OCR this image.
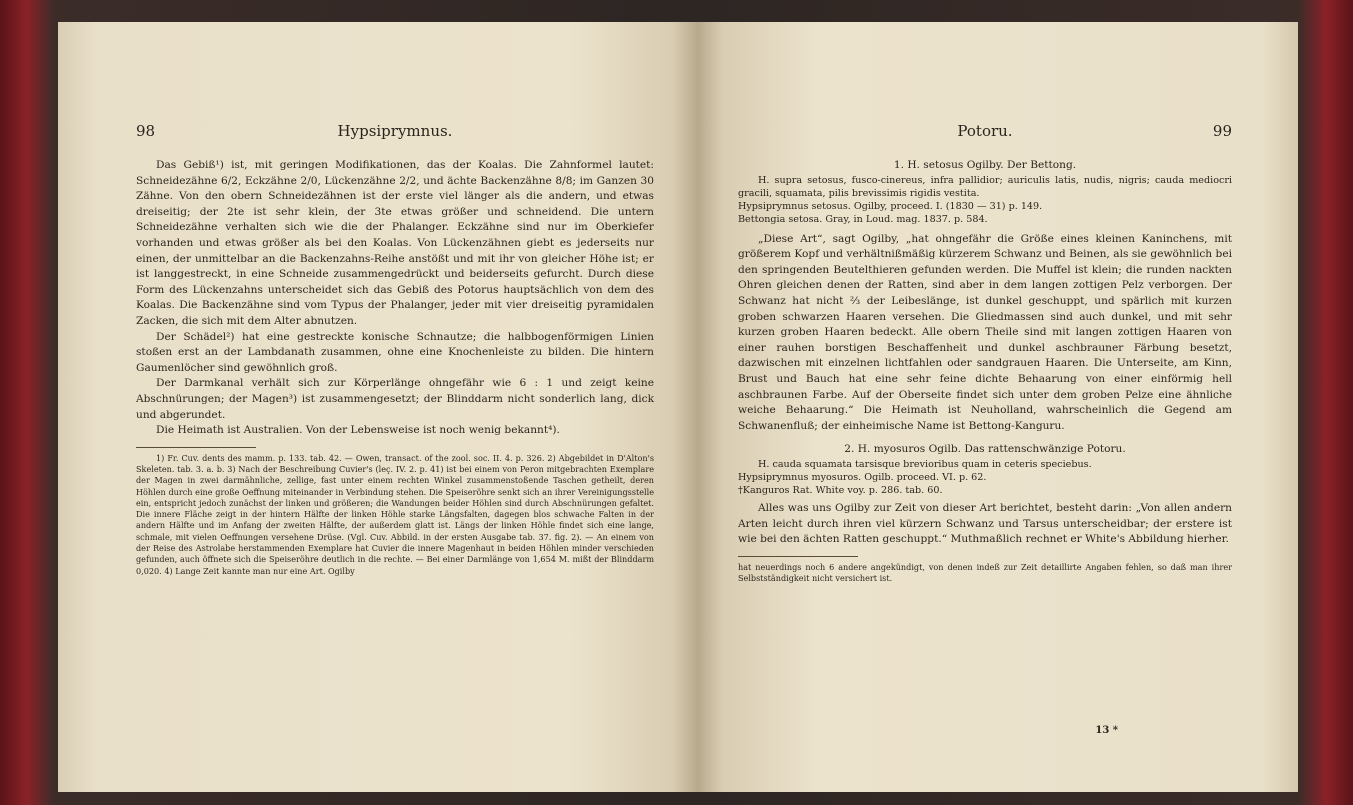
98	Hypsiprymnus.

Das Gebiß¹) ist, mit geringen Modifikationen, das der Koalas. Die Zahnformel lautet: Schneidezähne 6/2, Eckzähne 2/0, Lückenzähne 2/2, und ächte Backenzähne 8/8; im Ganzen 30 Zähne. Von den obern Schneidezähnen ist der erste viel länger als die andern, und etwas dreiseitig; der 2te ist sehr klein, der 3te etwas größer und schneidend. Die untern Schneidezähne verhalten sich wie die der Phalanger. Eckzähne sind nur im Oberkiefer vorhanden und etwas größer als bei den Koalas. Von Lückenzähnen giebt es jederseits nur einen, der unmittelbar an die Backenzahns-Reihe anstößt und mit ihr von gleicher Höhe ist; er ist langgestreckt, in eine Schneide zusammengedrückt und beiderseits gefurcht. Durch diese Form des Lückenzahns unterscheidet sich das Gebiß des Potorus hauptsächlich von dem des Koalas. Die Backenzähne sind vom Typus der Phalanger, jeder mit vier dreiseitig pyramidalen Zacken, die sich mit dem Alter abnutzen.

Der Schädel²) hat eine gestreckte konische Schnautze; die halbbogenförmigen Linien stoßen erst an der Lambdanath zusammen, ohne eine Knochenleiste zu bilden. Die hintern Gaumenlöcher sind gewöhnlich groß.

Der Darmkanal verhält sich zur Körperlänge ohngefähr wie 6 : 1 und zeigt keine Abschnürungen; der Magen³) ist zusammengesetzt; der Blinddarm nicht sonderlich lang, dick und abgerundet.

Die Heimath ist Australien. Von der Lebensweise ist noch wenig bekannt⁴).

1) Fr. Cuv. dents des mamm. p. 133. tab. 42. — Owen, transact. of the zool. soc. II. 4. p. 326. 2) Abgebildet in D'Alton's Skeleten. tab. 3. a. b. 3) Nach der Beschreibung Cuvier's (leç. IV. 2. p. 41) ist bei einem von Peron mitgebrachten Exemplare der Magen in zwei darmähnliche, zellige, fast unter einem rechten Winkel zusammenstoßende Taschen getheilt, deren Höhlen durch eine große Oeffnung miteinander in Verbindung stehen. Die Speiseröhre senkt sich an ihrer Vereinigungsstelle ein, entspricht jedoch zunächst der linken und größeren; die Wandungen beider Höhlen sind durch Abschnürungen gefaltet. Die innere Fläche zeigt in der hintern Hälfte der linken Höhle starke Längsfalten, dagegen blos schwache Falten in der andern Hälfte und im Anfang der zweiten Hälfte, der außerdem glatt ist. Längs der linken Höhle findet sich eine lange, schmale, mit vielen Oeffnungen versehene Drüse. (Vgl. Cuv. Abbild. in der ersten Ausgabe tab. 37. fig. 2). — An einem von der Reise des Astrolabe herstammenden Exemplare hat Cuvier die innere Magenhaut in beiden Höhlen minder verschieden gefunden, auch öffnete sich die Speiseröhre deutlich in die rechte. — Bei einer Darmlänge von 1,654 M. mißt der Blinddarm 0,020. 4) Lange Zeit kannte man nur eine Art. Ogilby

Potoru.	99

1. H. setosus Ogilby. Der Bettong.

H. supra setosus, fusco-cinereus, infra pallidior; auriculis latis, nudis, nigris; cauda mediocri gracili, squamata, pilis brevissimis rigidis vestita.

Hypsiprymnus setosus. Ogilby, proceed. I. (1830 — 31) p. 149.

Bettongia setosa. Gray, in Loud. mag. 1837. p. 584.

„Diese Art“, sagt Ogilby, „hat ohngefähr die Größe eines kleinen Kaninchens, mit größerem Kopf und verhältnißmäßig kürzerem Schwanz und Beinen, als sie gewöhnlich bei den springenden Beutelthieren gefunden werden. Die Muffel ist klein; die runden nackten Ohren gleichen denen der Ratten, sind aber in dem langen zottigen Pelz verborgen. Der Schwanz hat nicht ⅔ der Leibeslänge, ist dunkel geschuppt, und spärlich mit kurzen groben schwarzen Haaren versehen. Die Gliedmassen sind auch dunkel, und mit sehr kurzen groben Haaren bedeckt. Alle obern Theile sind mit langen zottigen Haaren von einer rauhen borstigen Beschaffenheit und dunkel aschbrauner Färbung besetzt, dazwischen mit einzelnen lichtfahlen oder sandgrauen Haaren. Die Unterseite, am Kinn, Brust und Bauch hat eine sehr feine dichte Behaarung von einer einförmig hell aschbraunen Farbe. Auf der Oberseite findet sich unter dem groben Pelze eine ähnliche weiche Behaarung.“ Die Heimath ist Neuholland, wahrscheinlich die Gegend am Schwanenfluß; der einheimische Name ist Bettong-Kanguru.

2. H. myosuros Ogilb. Das rattenschwänzige Potoru.

H. cauda squamata tarsisque brevioribus quam in ceteris speciebus.

Hypsiprymnus myosuros. Ogilb. proceed. VI. p. 62.

†Kanguros Rat. White voy. p. 286. tab. 60.

Alles was uns Ogilby zur Zeit von dieser Art berichtet, besteht darin: „Von allen andern Arten leicht durch ihren viel kürzern Schwanz und Tarsus unterscheidbar; der erstere ist wie bei den ächten Ratten geschuppt.“ Muthmaßlich rechnet er White's Abbildung hierher.

hat neuerdings noch 6 andere angekündigt, von denen indeß zur Zeit detaillirte Angaben fehlen, so daß man ihrer Selbstständigkeit nicht versichert ist.

13 *
